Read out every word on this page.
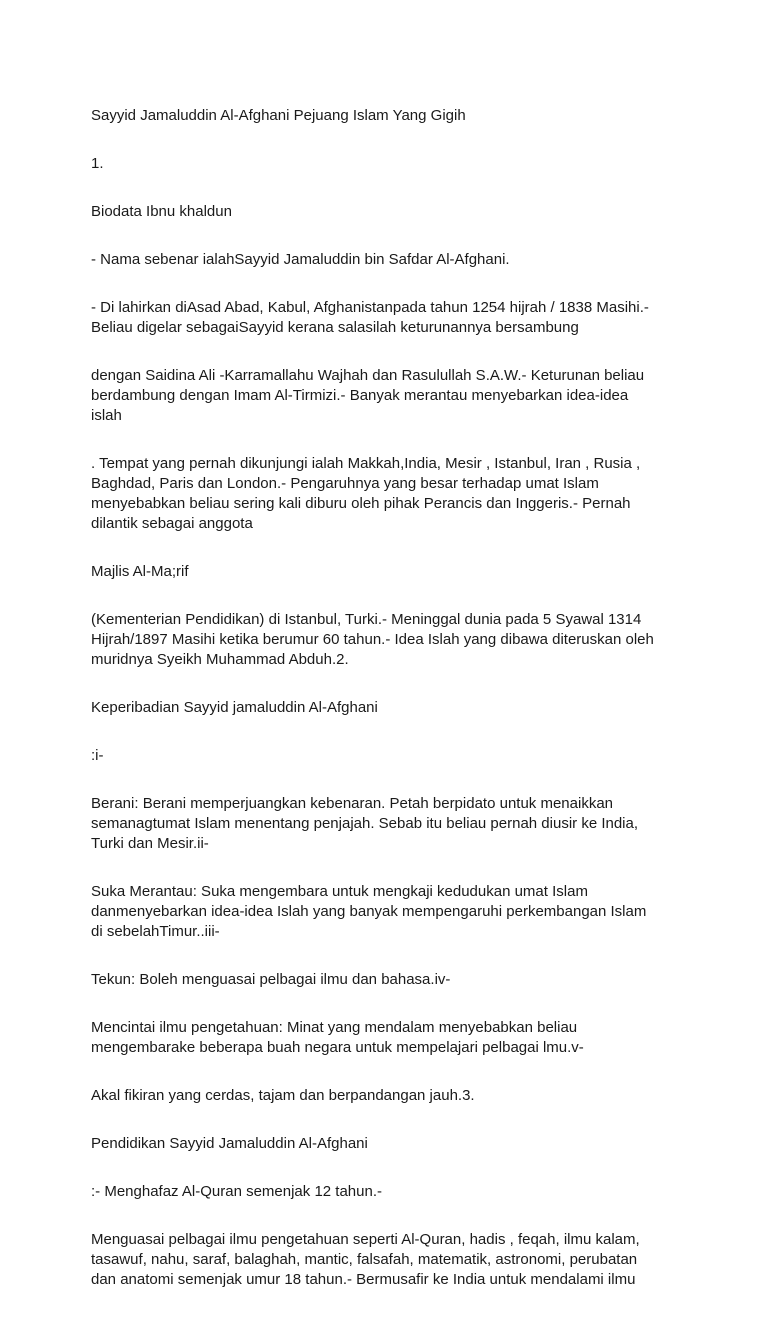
Sayyid Jamaluddin Al-Afghani Pejuang Islam Yang Gigih

1.

Biodata Ibnu khaldun

- Nama sebenar ialahSayyid Jamaluddin bin Safdar Al-Afghani.

- Di lahirkan diAsad Abad, Kabul, Afghanistanpada tahun 1254 hijrah / 1838 Masihi.-
Beliau digelar sebagaiSayyid kerana salasilah keturunannya bersambung

dengan Saidina Ali -Karramallahu Wajhah dan Rasulullah S.A.W.- Keturunan beliau
berdambung dengan Imam Al-Tirmizi.- Banyak merantau menyebarkan idea-idea
islah

. Tempat yang pernah dikunjungi ialah Makkah,India, Mesir , Istanbul, Iran , Rusia ,
Baghdad, Paris dan London.- Pengaruhnya yang besar terhadap umat Islam
menyebabkan beliau sering kali diburu oleh pihak Perancis dan Inggeris.- Pernah
dilantik sebagai anggota

Majlis Al-Ma;rif

(Kementerian Pendidikan) di Istanbul, Turki.- Meninggal dunia pada 5 Syawal 1314
Hijrah/1897 Masihi ketika berumur 60 tahun.- Idea Islah yang dibawa diteruskan oleh
muridnya Syeikh Muhammad Abduh.2.

Keperibadian Sayyid jamaluddin Al-Afghani

:i-

Berani: Berani memperjuangkan kebenaran. Petah berpidato untuk menaikkan
semanagtumat Islam menentang penjajah. Sebab itu beliau pernah diusir ke India,
Turki dan Mesir.ii-

Suka Merantau: Suka mengembara untuk mengkaji kedudukan umat Islam
danmenyebarkan idea-idea Islah yang banyak mempengaruhi perkembangan Islam
di sebelahTimur..iii-

Tekun: Boleh menguasai pelbagai ilmu dan bahasa.iv-

Mencintai ilmu pengetahuan: Minat yang mendalam menyebabkan beliau
mengembarake beberapa buah negara untuk mempelajari pelbagai lmu.v-

Akal fikiran yang cerdas, tajam dan berpandangan jauh.3.

Pendidikan Sayyid Jamaluddin Al-Afghani

:- Menghafaz Al-Quran semenjak 12 tahun.-

Menguasai pelbagai ilmu pengetahuan seperti Al-Quran, hadis , feqah, ilmu kalam,
tasawuf, nahu, saraf, balaghah, mantic, falsafah, matematik, astronomi, perubatan
dan anatomi semenjak umur 18 tahun.- Bermusafir ke India untuk mendalami ilmu
